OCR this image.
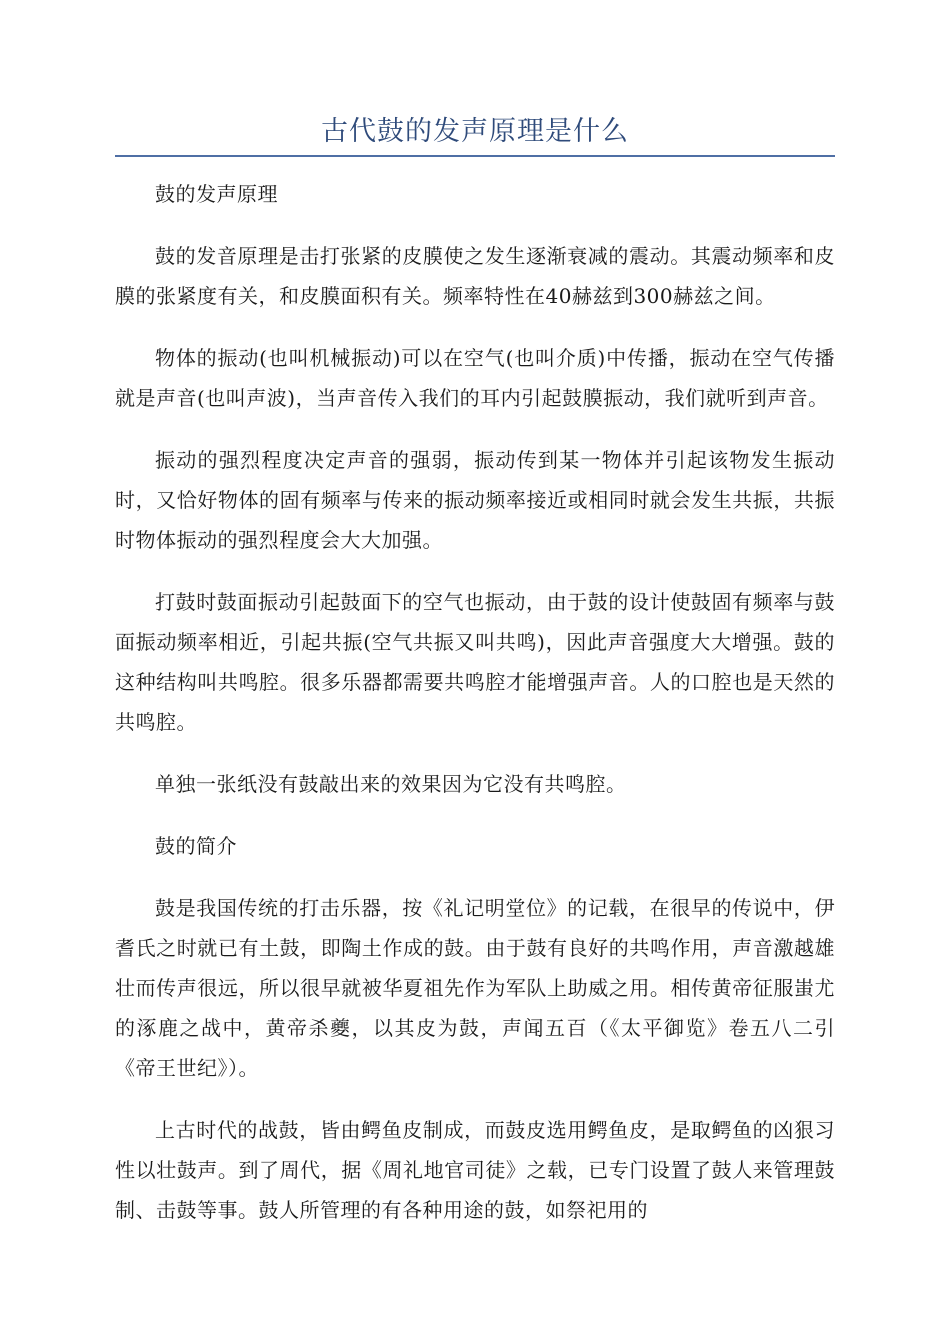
古代鼓的发声原理是什么

鼓的发声原理

鼓的发音原理是击打张紧的皮膜使之发生逐渐衰减的震动。其震动频率和皮膜的张紧度有关，和皮膜面积有关。频率特性在40赫兹到300赫兹之间。

物体的振动(也叫机械振动)可以在空气(也叫介质)中传播，振动在空气传播就是声音(也叫声波)，当声音传入我们的耳内引起鼓膜振动，我们就听到声音。

振动的强烈程度决定声音的强弱，振动传到某一物体并引起该物发生振动时，又恰好物体的固有频率与传来的振动频率接近或相同时就会发生共振，共振时物体振动的强烈程度会大大加强。

打鼓时鼓面振动引起鼓面下的空气也振动，由于鼓的设计使鼓固有频率与鼓面振动频率相近，引起共振(空气共振又叫共鸣)，因此声音强度大大增强。鼓的这种结构叫共鸣腔。很多乐器都需要共鸣腔才能增强声音。人的口腔也是天然的共鸣腔。

单独一张纸没有鼓敲出来的效果因为它没有共鸣腔。

鼓的简介

鼓是我国传统的打击乐器，按《礼记明堂位》的记载，在很早的传说中，伊耆氏之时就已有土鼓，即陶土作成的鼓。由于鼓有良好的共鸣作用，声音激越雄壮而传声很远，所以很早就被华夏祖先作为军队上助威之用。相传黄帝征服蚩尤的涿鹿之战中，黄帝杀夔，以其皮为鼓，声闻五百（《太平御览》卷五八二引《帝王世纪》）。

上古时代的战鼓，皆由鳄鱼皮制成，而鼓皮选用鳄鱼皮，是取鳄鱼的凶狠习性以壮鼓声。到了周代，据《周礼地官司徒》之载，已专门设置了鼓人来管理鼓制、击鼓等事。鼓人所管理的有各种用途的鼓，如祭祀用的
